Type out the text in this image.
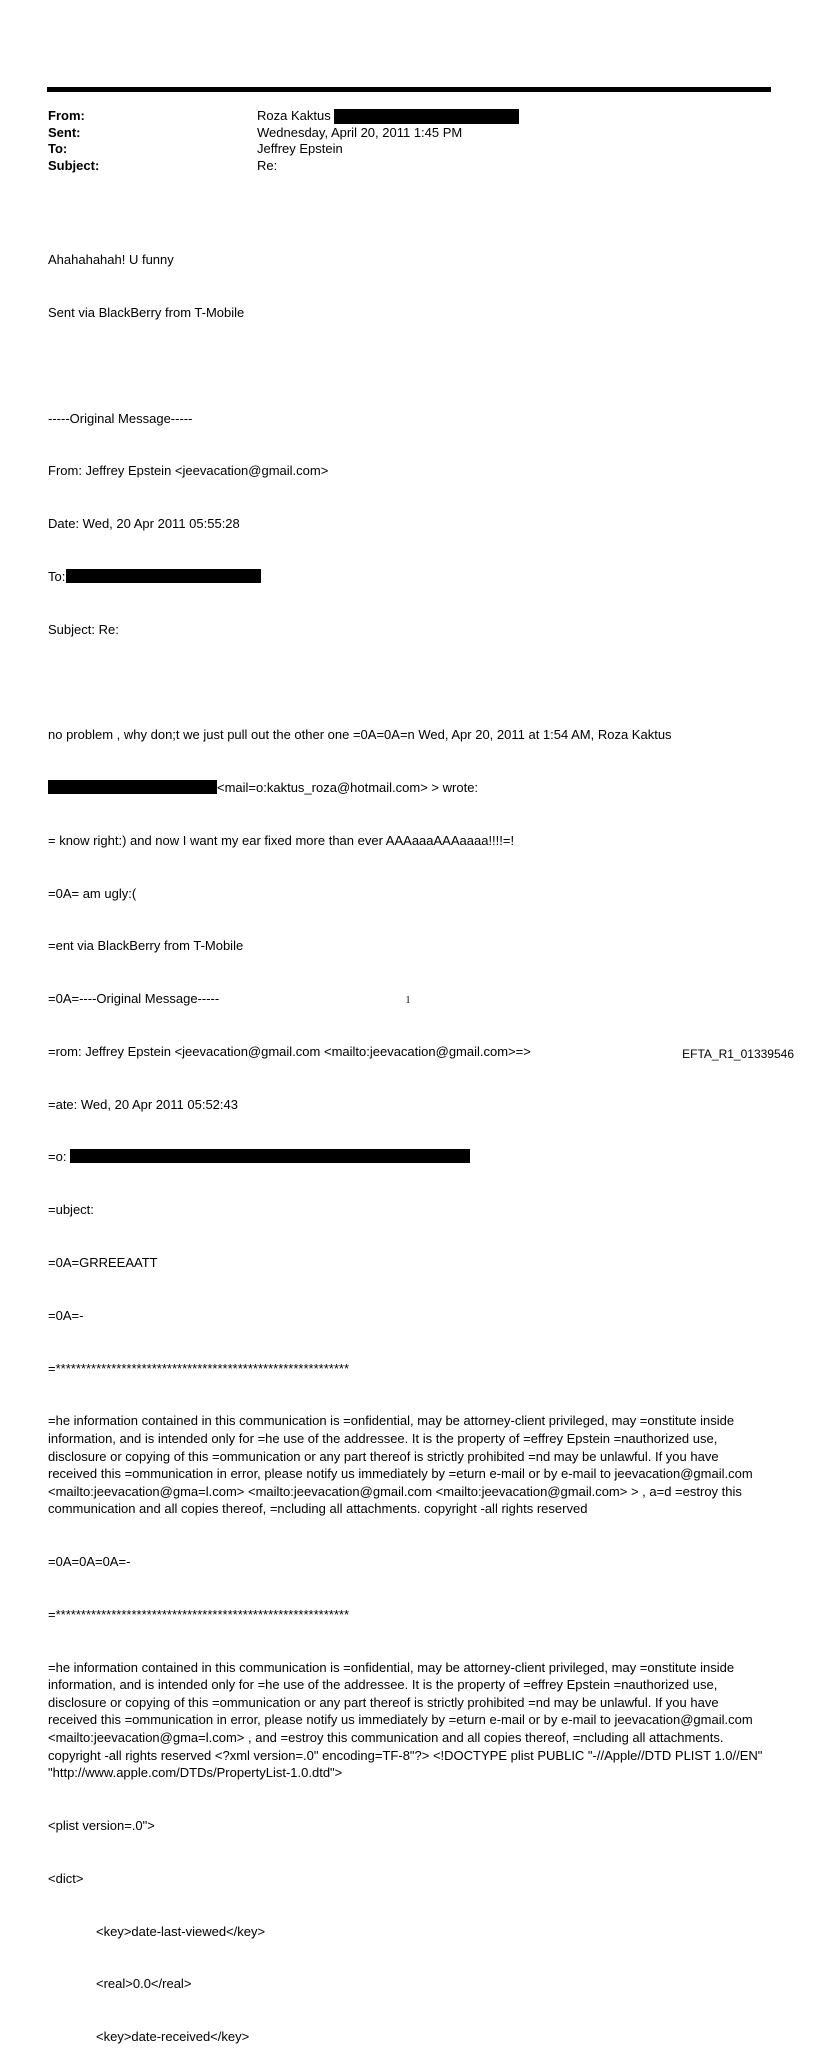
From:	Roza Kaktus
Sent:	Wednesday, April 20, 2011 1:45 PM
To:	Jeffrey Epstein
Subject:	Re:

Ahahahahah! U funny

Sent via BlackBerry from T-Mobile

-----Original Message-----

From: Jeffrey Epstein <jeevacation@gmail.com>

Date: Wed, 20 Apr 2011 05:55:28

To:

Subject: Re:

no problem , why don;t we just pull out the other one =0A=0A=n Wed, Apr 20, 2011 at 1:54 AM, Roza Kaktus

<mail=o:kaktus_roza@hotmail.com> > wrote:

= know right:) and now I want my ear fixed more than ever AAAaaaAAAaaaa!!!!=!

=0A= am ugly:(

=ent via BlackBerry from T-Mobile

=0A=----Original Message-----

=rom: Jeffrey Epstein <jeevacation@gmail.com <mailto:jeevacation@gmail.com>=>

=ate: Wed, 20 Apr 2011 05:52:43

=o:

=ubject:

=0A=GRREEAATT

=0A=-

=**********************************************************

=he information contained in this communication is =onfidential, may be attorney-client privileged, may =onstitute inside information, and is intended only for =he use of the addressee. It is the property of =effrey Epstein =nauthorized use, disclosure or copying of this =ommunication or any part thereof is strictly prohibited =nd may be unlawful. If you have received this =ommunication in error, please notify us immediately by =eturn e-mail or by e-mail to jeevacation@gmail.com <mailto:jeevacation@gma=l.com> <mailto:jeevacation@gmail.com <mailto:jeevacation@gmail.com> > , a=d =estroy this communication and all copies thereof, =ncluding all attachments. copyright -all rights reserved

=0A=0A=0A=-

=**********************************************************

=he information contained in this communication is =onfidential, may be attorney-client privileged, may =onstitute inside information, and is intended only for =he use of the addressee. It is the property of =effrey Epstein =nauthorized use, disclosure or copying of this =ommunication or any part thereof is strictly prohibited =nd may be unlawful. If you have received this =ommunication in error, please notify us immediately by =eturn e-mail or by e-mail to jeevacation@gmail.com <mailto:jeevacation@gma=l.com> , and =estroy this communication and all copies thereof, =ncluding all attachments. copyright -all rights reserved <?xml version=.0" encoding=TF-8"?> <!DOCTYPE plist PUBLIC "-//Apple//DTD PLIST 1.0//EN" "http://www.apple.com/DTDs/PropertyList-1.0.dtd">

<plist version=.0">

<dict>

<key>date-last-viewed</key>

<real>0.0</real>

<key>date-received</key>

1
EFTA_R1_01339546
